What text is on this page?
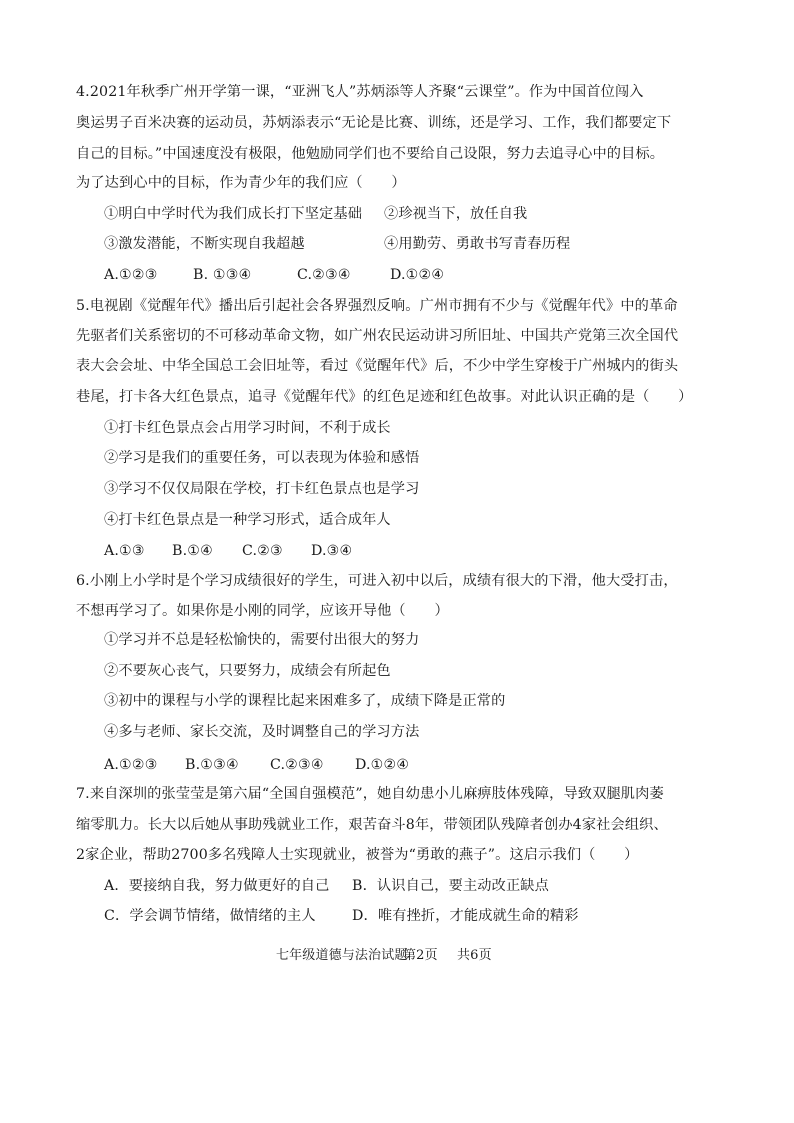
4.2021年秋季广州开学第一课，“亚洲飞人”苏炳添等人齐聚“云课堂”。作为中国首位闯入
奥运男子百米决赛的运动员，苏炳添表示“无论是比赛、训练，还是学习、工作，我们都要定下
自己的目标。”中国速度没有极限，他勉励同学们也不要给自己设限，努力去追寻心中的目标。
为了达到心中的目标，作为青少年的我们应（　　）
①明白中学时代为我们成长打下坚定基础 ②珍视当下，放任自我
③激发潜能，不断实现自我超越	④用勤劳、勇敢书写青春历程
A.①②③ B. ①③④	C.②③④	D.①②④
5.电视剧《觉醒年代》播出后引起社会各界强烈反响。广州市拥有不少与《觉醒年代》中的革命
先驱者们关系密切的不可移动革命文物，如广州农民运动讲习所旧址、中国共产党第三次全国代
表大会会址、中华全国总工会旧址等，看过《觉醒年代》后，不少中学生穿梭于广州城内的街头
巷尾，打卡各大红色景点，追寻《觉醒年代》的红色足迹和红色故事。对此认识正确的是（　　）
①打卡红色景点会占用学习时间，不利于成长
②学习是我们的重要任务，可以表现为体验和感悟
③学习不仅仅局限在学校，打卡红色景点也是学习
④打卡红色景点是一种学习形式，适合成年人
A.①③ B.①④ C.②③ D.③④
6.小刚上小学时是个学习成绩很好的学生，可进入初中以后，成绩有很大的下滑，他大受打击，
不想再学习了。如果你是小刚的同学，应该开导他（　　）
①学习并不总是轻松愉快的，需要付出很大的努力
②不要灰心丧气，只要努力，成绩会有所起色
③初中的课程与小学的课程比起来困难多了，成绩下降是正常的
④多与老师、家长交流，及时调整自己的学习方法
A.①②③ B.①③④ C.②③④ D.①②④
7.来自深圳的张莹莹是第六届“全国自强模范”，她自幼患小儿麻痹肢体残障，导致双腿肌肉萎
缩零肌力。长大以后她从事助残就业工作，艰苦奋斗8年，带领团队残障者创办4家社会组织、
2家企业，帮助2700多名残障人士实现就业，被誉为“勇敢的燕子”。这启示我们（　　）
A．要接纳自我，努力做更好的自己 B．认识自己，要主动改正缺点
C．学会调节情绪，做情绪的主人	D．唯有挫折，才能成就生命的精彩
七年级道德与法治试题
第2页 共6页
